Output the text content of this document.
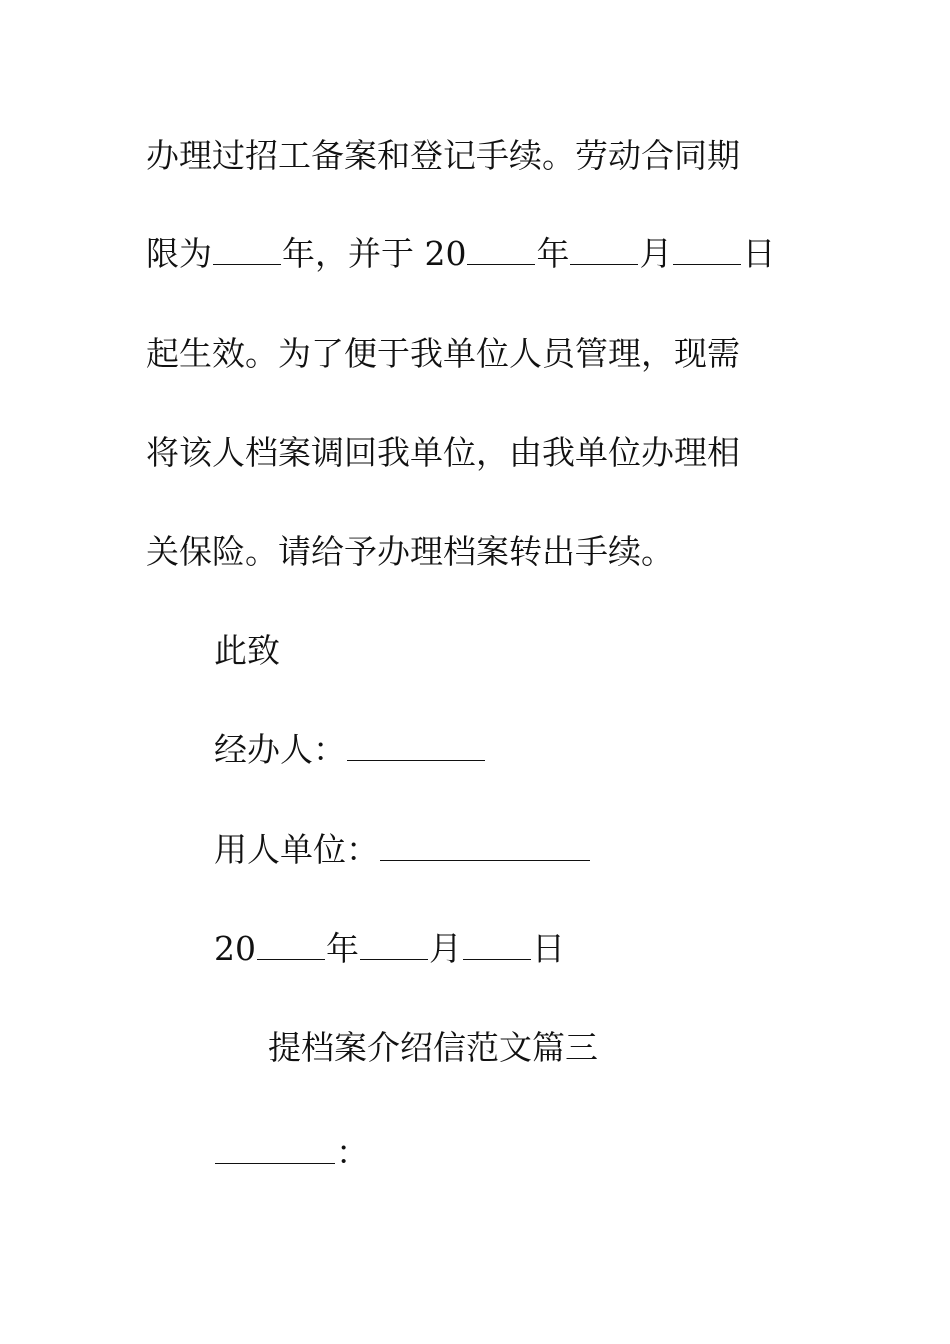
办理过招工备案和登记手续。劳动合同期
限为 年，并于 20 年 月 日
起生效。为了便于我单位人员管理，现需
将该人档案调回我单位，由我单位办理相
关保险。请给予办理档案转出手续。
此致
经办人：
用人单位：
20 年 月 日
提档案介绍信范文篇三
：
